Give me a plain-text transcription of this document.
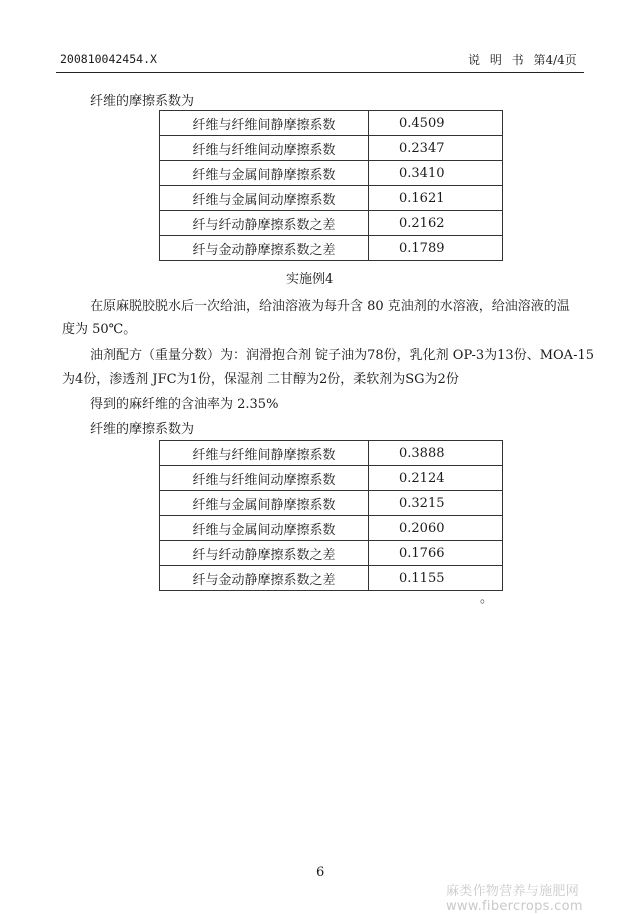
200810042454.X	说 明 书 第4/4页
纤维的摩擦系数为
纤维与纤维间静摩擦系数	0.4509
纤维与纤维间动摩擦系数	0.2347
纤维与金属间静摩擦系数	0.3410
纤维与金属间动摩擦系数	0.1621
纤与纤动静摩擦系数之差	0.2162
纤与金动静摩擦系数之差	0.1789
实施例4
在原麻脱胶脱水后一次给油，给油溶液为每升含 80 克油剂的水溶液，给油溶液的温
度为 50℃。
油剂配方（重量分数）为：润滑抱合剂 锭子油为78份，乳化剂 OP-3为13份、MOA-15
为4份，渗透剂 JFC为1份，保湿剂 二甘醇为2份，柔软剂为SG为2份
得到的麻纤维的含油率为 2.35%
纤维的摩擦系数为
纤维与纤维间静摩擦系数	0.3888
纤维与纤维间动摩擦系数	0.2124
纤维与金属间静摩擦系数	0.3215
纤维与金属间动摩擦系数	0.2060
纤与纤动静摩擦系数之差	0.1766
纤与金动静摩擦系数之差	0.1155
。
6
麻类作物营养与施肥网 www.fibercrops.com
